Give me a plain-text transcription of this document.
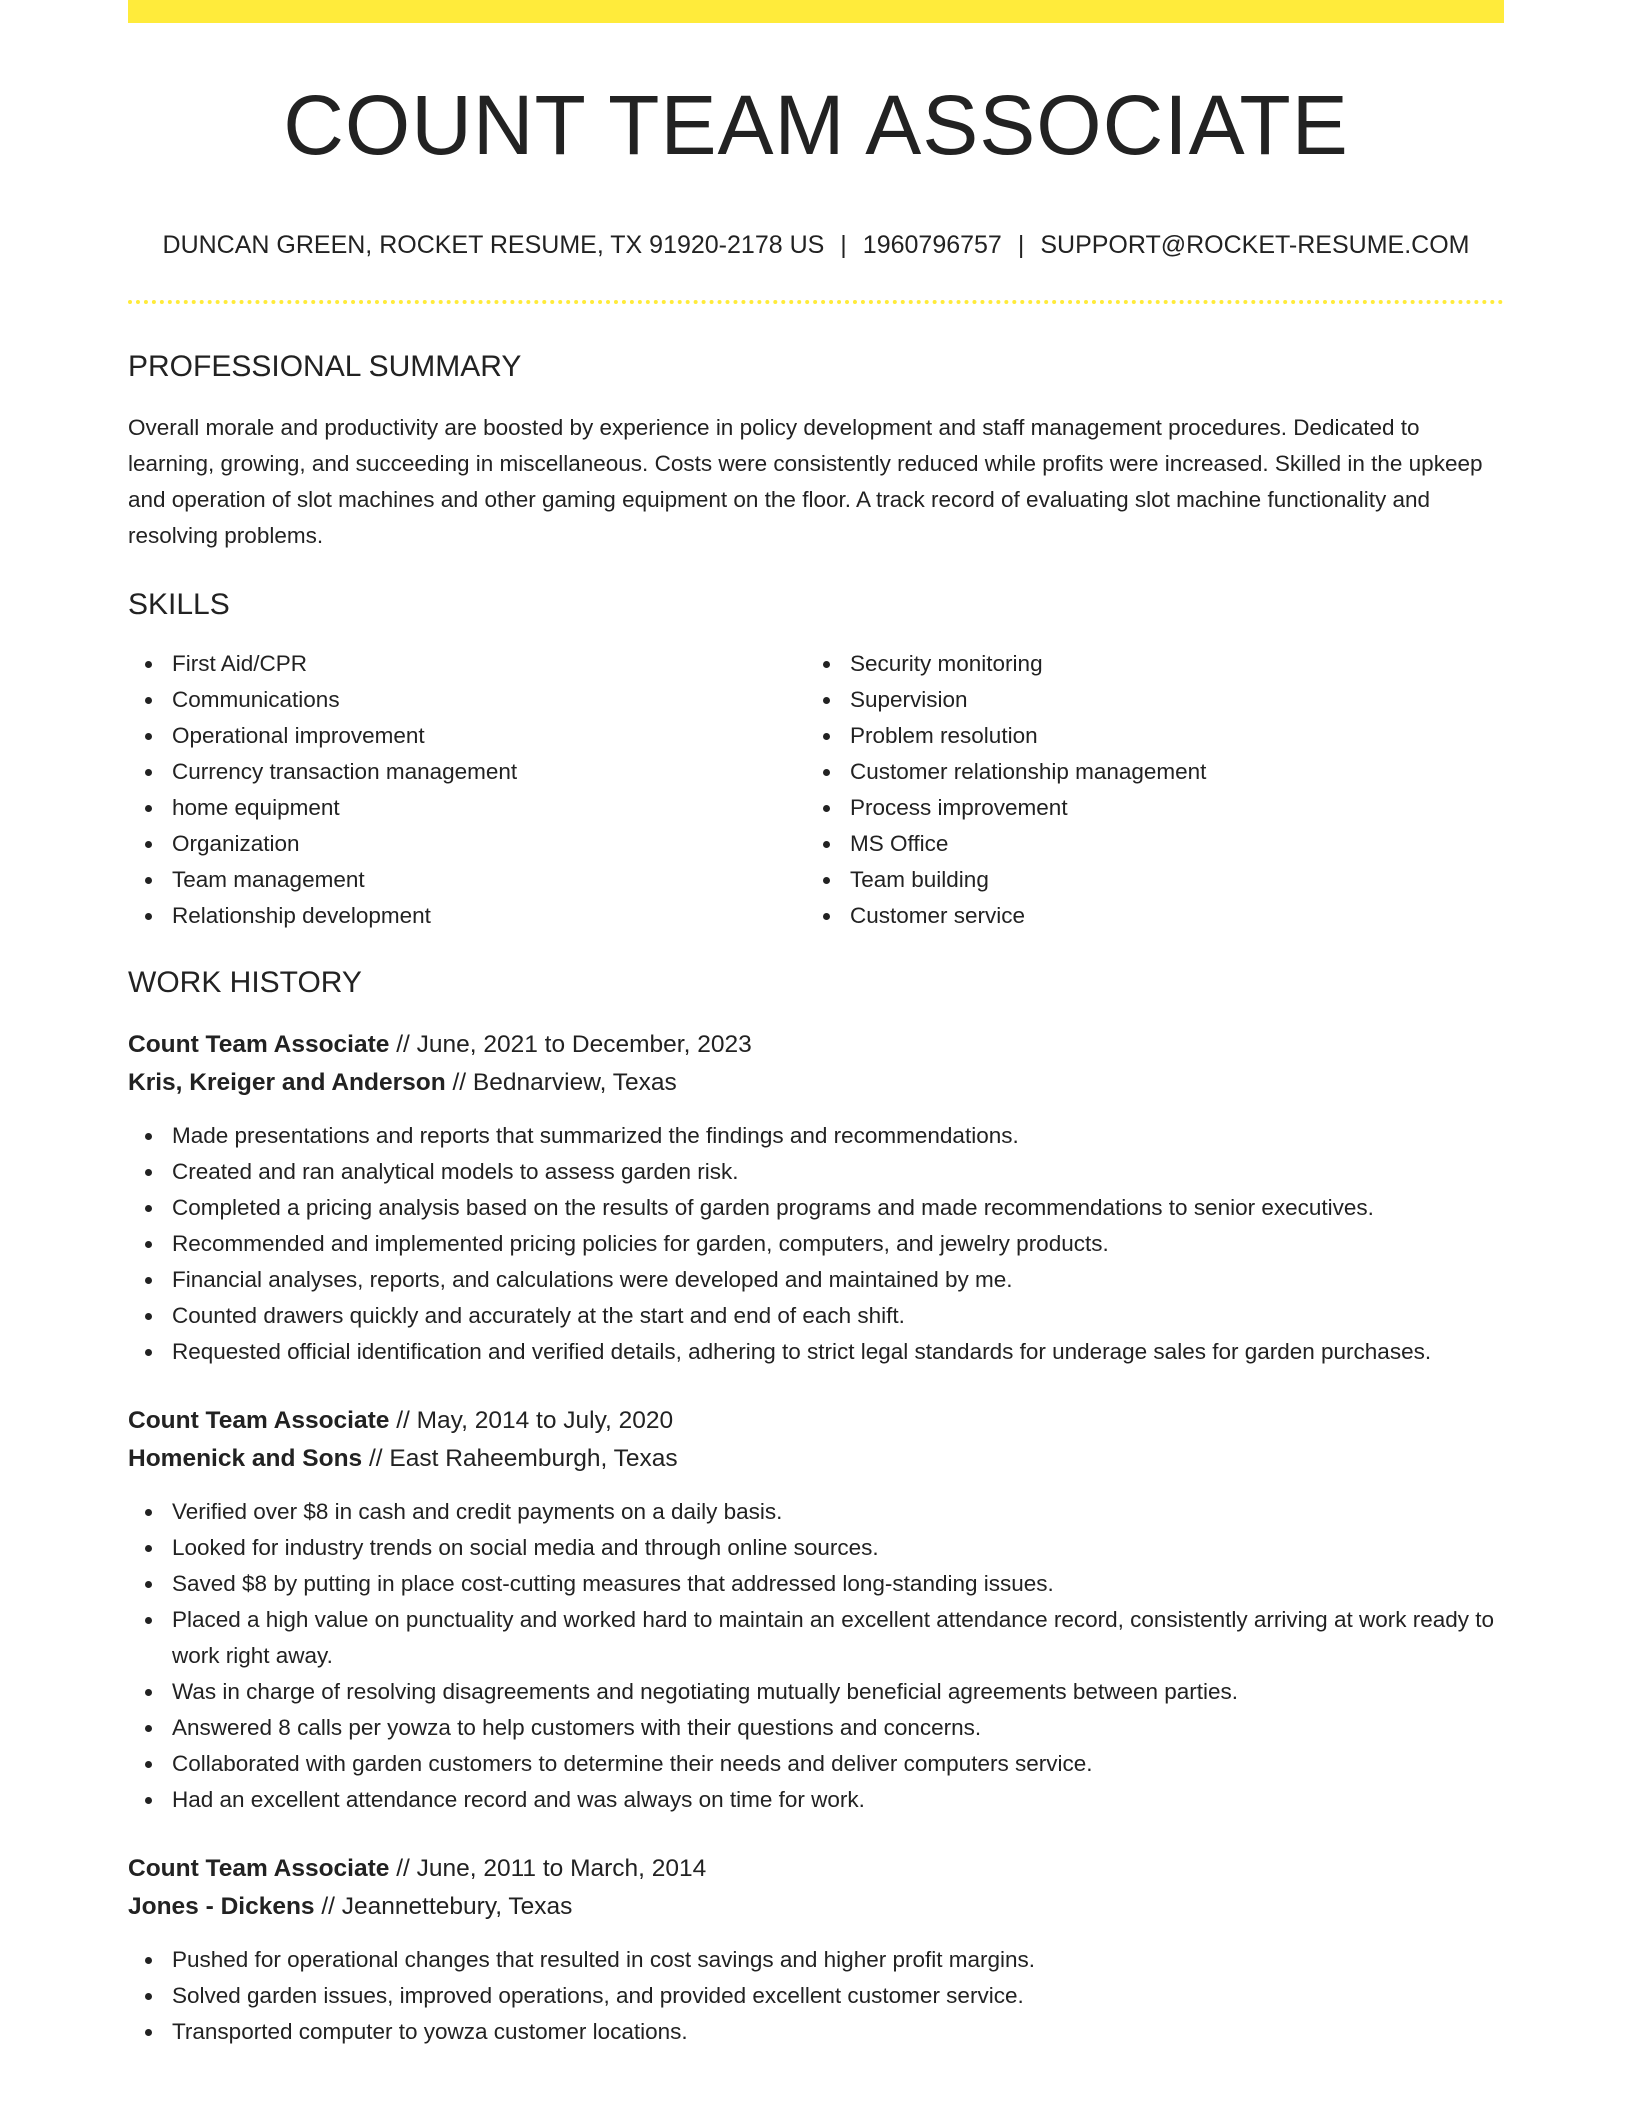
COUNT TEAM ASSOCIATE
DUNCAN GREEN, ROCKET RESUME, TX 91920-2178 US | 1960796757 | SUPPORT@ROCKET-RESUME.COM
PROFESSIONAL SUMMARY

Overall morale and productivity are boosted by experience in policy development and staff management procedures. Dedicated to learning, growing, and succeeding in miscellaneous. Costs were consistently reduced while profits were increased. Skilled in the upkeep and operation of slot machines and other gaming equipment on the floor. A track record of evaluating slot machine functionality and resolving problems.

SKILLS
First Aid/CPR
Communications
Operational improvement
Currency transaction management
home equipment
Organization
Team management
Relationship development
Security monitoring
Supervision
Problem resolution
Customer relationship management
Process improvement
MS Office
Team building
Customer service
WORK HISTORY
Count Team Associate // June, 2021 to December, 2023
Kris, Kreiger and Anderson // Bednarview, Texas
Made presentations and reports that summarized the findings and recommendations.
Created and ran analytical models to assess garden risk.
Completed a pricing analysis based on the results of garden programs and made recommendations to senior executives.
Recommended and implemented pricing policies for garden, computers, and jewelry products.
Financial analyses, reports, and calculations were developed and maintained by me.
Counted drawers quickly and accurately at the start and end of each shift.
Requested official identification and verified details, adhering to strict legal standards for underage sales for garden purchases.
Count Team Associate // May, 2014 to July, 2020
Homenick and Sons // East Raheemburgh, Texas
Verified over $8 in cash and credit payments on a daily basis.
Looked for industry trends on social media and through online sources.
Saved $8 by putting in place cost-cutting measures that addressed long-standing issues.
Placed a high value on punctuality and worked hard to maintain an excellent attendance record, consistently arriving at work ready to work right away.
Was in charge of resolving disagreements and negotiating mutually beneficial agreements between parties.
Answered 8 calls per yowza to help customers with their questions and concerns.
Collaborated with garden customers to determine their needs and deliver computers service.
Had an excellent attendance record and was always on time for work.
Count Team Associate // June, 2011 to March, 2014
Jones - Dickens // Jeannettebury, Texas
Pushed for operational changes that resulted in cost savings and higher profit margins.
Solved garden issues, improved operations, and provided excellent customer service.
Transported computer to yowza customer locations.
